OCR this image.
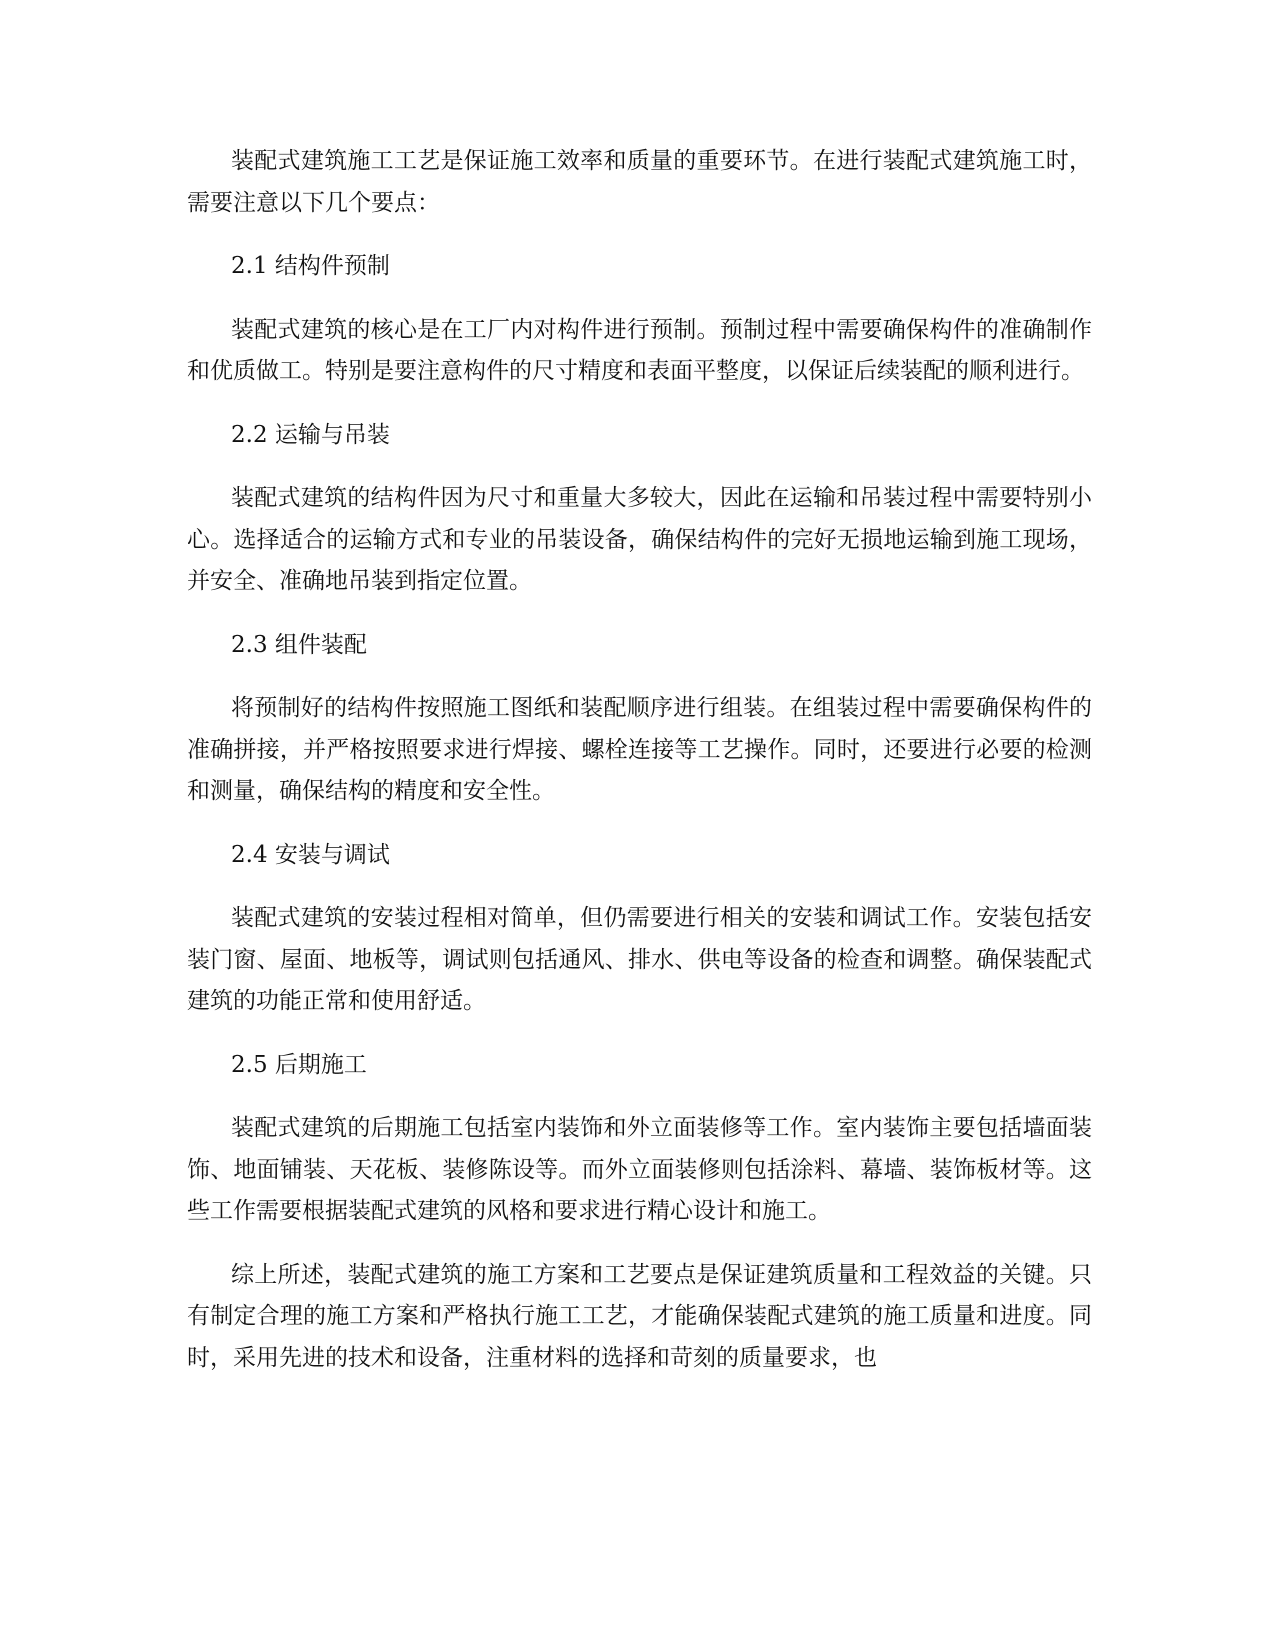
装配式建筑施工工艺是保证施工效率和质量的重要环节。在进行装配式建筑施工时，需要注意以下几个要点：

2.1 结构件预制

装配式建筑的核心是在工厂内对构件进行预制。预制过程中需要确保构件的准确制作和优质做工。特别是要注意构件的尺寸精度和表面平整度，以保证后续装配的顺利进行。

2.2 运输与吊装

装配式建筑的结构件因为尺寸和重量大多较大，因此在运输和吊装过程中需要特别小心。选择适合的运输方式和专业的吊装设备，确保结构件的完好无损地运输到施工现场，并安全、准确地吊装到指定位置。

2.3 组件装配

将预制好的结构件按照施工图纸和装配顺序进行组装。在组装过程中需要确保构件的准确拼接，并严格按照要求进行焊接、螺栓连接等工艺操作。同时，还要进行必要的检测和测量，确保结构的精度和安全性。

2.4 安装与调试

装配式建筑的安装过程相对简单，但仍需要进行相关的安装和调试工作。安装包括安装门窗、屋面、地板等，调试则包括通风、排水、供电等设备的检查和调整。确保装配式建筑的功能正常和使用舒适。

2.5 后期施工

装配式建筑的后期施工包括室内装饰和外立面装修等工作。室内装饰主要包括墙面装饰、地面铺装、天花板、装修陈设等。而外立面装修则包括涂料、幕墙、装饰板材等。这些工作需要根据装配式建筑的风格和要求进行精心设计和施工。

综上所述，装配式建筑的施工方案和工艺要点是保证建筑质量和工程效益的关键。只有制定合理的施工方案和严格执行施工工艺，才能确保装配式建筑的施工质量和进度。同时，采用先进的技术和设备，注重材料的选择和苛刻的质量要求，也
